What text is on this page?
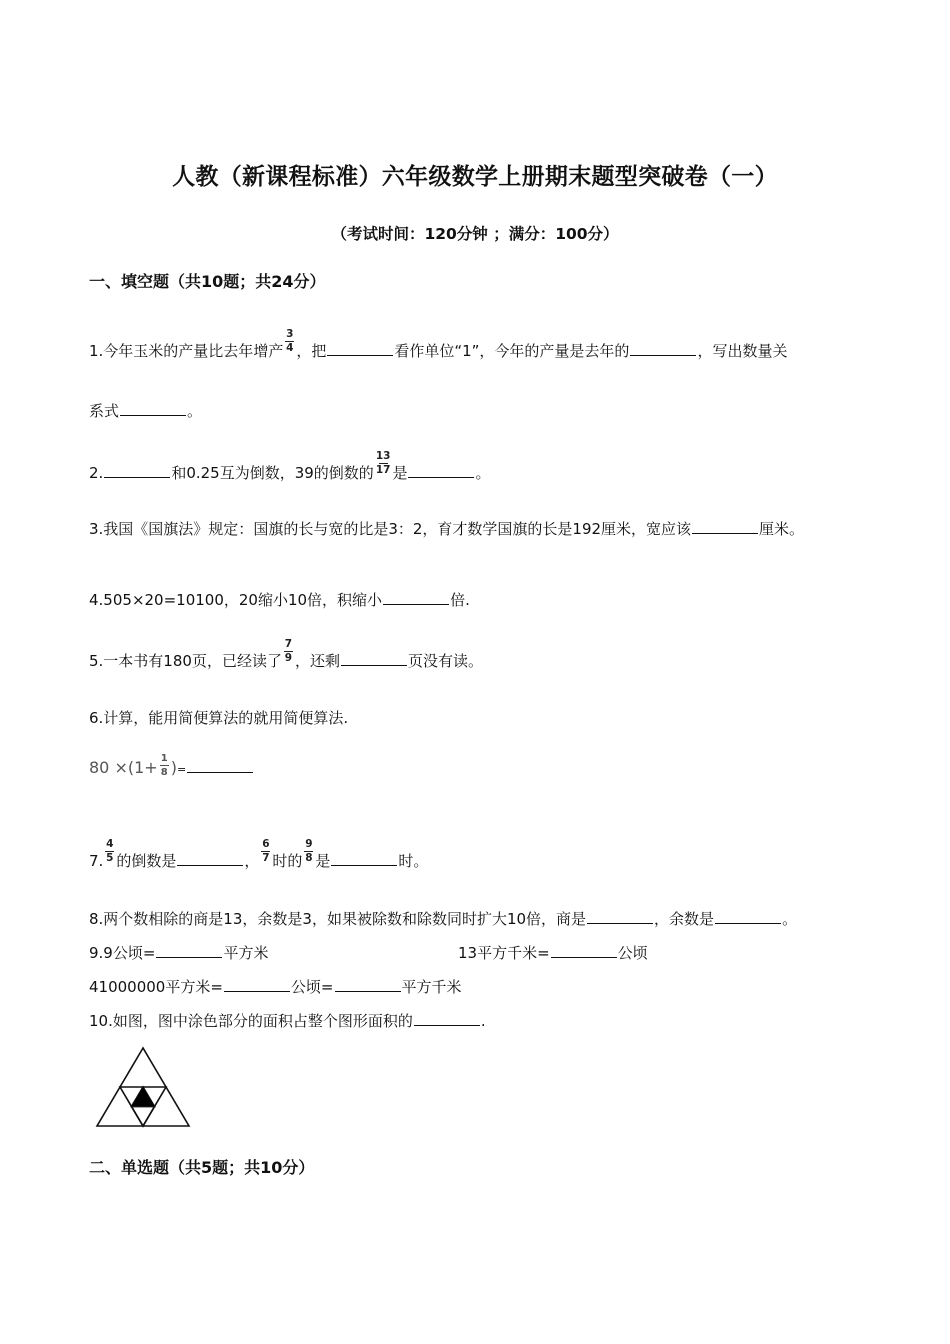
人教（新课程标准）六年级数学上册期末题型突破卷（一）
（考试时间：120分钟 ；满分：100分）
一、填空题（共10题；共24分）
1.今年玉米的产量比去年增产 $\frac{3}{4}$ ，把	看作单位“1”，今年的产量是去年的	，写出数量关
系式	。
2.	和0.25互为倒数，39的倒数的 $\frac{13}{17}$ 是	。
3.我国《国旗法》规定：国旗的长与宽的比是3：2，育才数学国旗的长是192厘米，宽应该	厘米。
4.505×20=10100，20缩小10倍，积缩小	倍.
5.一本书有180页，已经读了 $\frac{7}{9}$ ，还剩	页没有读。
6.计算，能用简便算法的就用简便算法.
$80 \times(1+ \frac{1}{8}$ )=
7. $\frac{4}{5}$ 的倒数是	， $\frac{6}{7}$ 时的 $\frac{9}{8}$ 是	时。
8.两个数相除的商是13，余数是3，如果被除数和除数同时扩大10倍，商是	，余数是	。
9.9公顷=	平方米	13平方千米=	公顷
41000000平方米=	公顷=	平方千米
10.如图，图中涂色部分的面积占整个图形面积的	.
二、单选题（共5题；共10分）
